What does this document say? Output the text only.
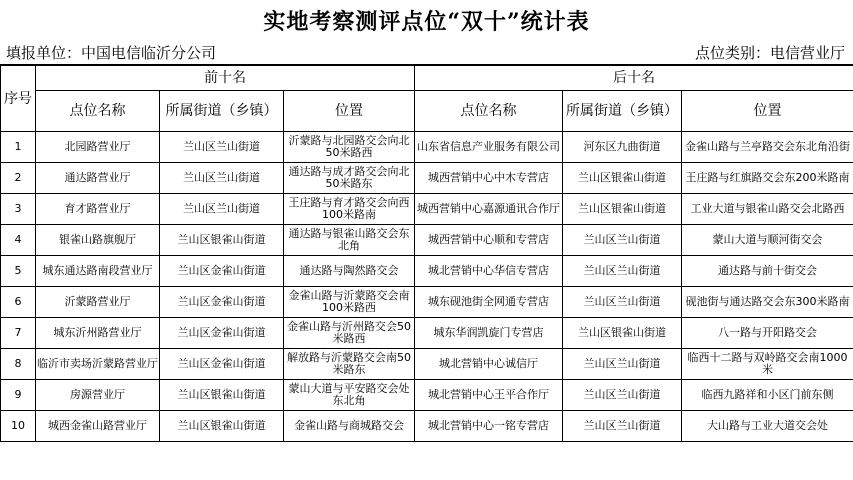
实地考察测评点位“双十”统计表
填报单位：中国电信临沂分公司	点位类别：电信营业厅
序号	前十名			后十名		
	点位名称	所属街道（乡镇）	位置	点位名称	所属街道（乡镇）	位置
1	北园路营业厅	兰山区兰山街道	沂蒙路与北园路交会向北50米路西	山东省信息产业服务有限公司	河东区九曲街道	金雀山路与兰亭路交会东北角沿街
2	通达路营业厅	兰山区兰山街道	通达路与成才路交会向北50米路东	城西营销中心中木专营店	兰山区银雀山街道	王庄路与红旗路交会东200米路南
3	育才路营业厅	兰山区兰山街道	王庄路与育才路交会向西100米路南	城西营销中心嘉源通讯合作厅	兰山区银雀山街道	工业大道与银雀山路交会北路西
4	银雀山路旗舰厅	兰山区银雀山街道	通达路与银雀山路交会东北角	城西营销中心顺和专营店	兰山区兰山街道	蒙山大道与顺河街交会
5	城东通达路南段营业厅	兰山区金雀山街道	通达路与陶然路交会	城北营销中心华信专营店	兰山区兰山街道	通达路与前十街交会
6	沂蒙路营业厅	兰山区金雀山街道	金雀山路与沂蒙路交会南100米路西	城东砚池街全网通专营店	兰山区兰山街道	砚池街与通达路交会东300米路南
7	城东沂州路营业厅	兰山区金雀山街道	金雀山路与沂州路交会50米路西	城东华润凯旋门专营店	兰山区银雀山街道	八一路与开阳路交会
8	临沂市卖场沂蒙路营业厅	兰山区金雀山街道	解放路与沂蒙路交会南50米路东	城北营销中心诚信厅	兰山区兰山街道	临西十二路与双岭路交会南1000米
9	房源营业厅	兰山区银雀山街道	蒙山大道与平安路交会处东北角	城北营销中心王平合作厅	兰山区兰山街道	临西九路祥和小区门前东侧
10	城西金雀山路营业厅	兰山区银雀山街道	金雀山路与商城路交会	城北营销中心一铭专营店	兰山区兰山街道	大山路与工业大道交会处
